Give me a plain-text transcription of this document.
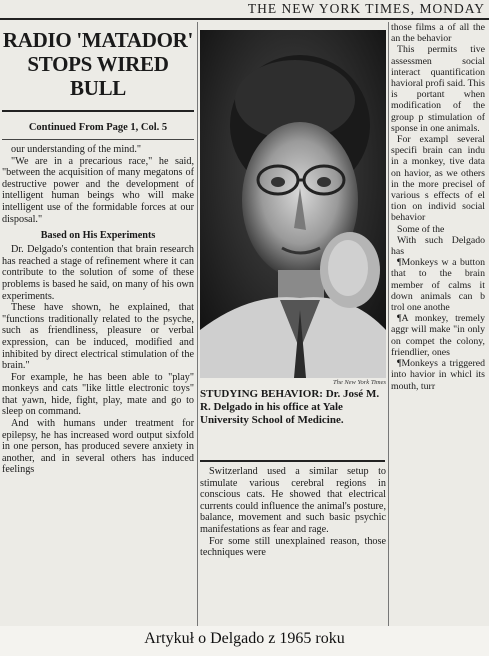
THE NEW YORK TIMES, MONDAY
RADIO 'MATADOR' STOPS WIRED BULL
Continued From Page 1, Col. 5

our understanding of the mind."

"We are in a precarious race," he said, "between the acquisition of many megatons of destructive power and the development of intelligent human beings who will make intelligent use of the formidable forces at our disposal."

Based on His Experiments

Dr. Delgado's contention that brain research has reached a stage of refinement where it can contribute to the solution of some of these problems is based he said, on many of his own experiments.

These have shown, he explained, that "functions traditionally related to the psyche, such as friendliness, pleasure or verbal expression, can be induced, modified and inhibited by direct electrical stimulation of the brain."

For example, he has been able to "play" monkeys and cats "like little electronic toys" that yawn, hide, fight, play, mate and go to sleep on command.

And with humans under treatment for epilepsy, he has increased word output sixfold in one person, has produced severe anxiety in another, and in several others has induced feelings

The New York Times
STUDYING BEHAVIOR: Dr. José M. R. Delgado in his office at Yale University School of Medicine.

Switzerland used a similar setup to stimulate various cerebral regions in conscious cats. He showed that electrical currents could influence the animal's posture, balance, movement and such basic psychic manifestations as fear and rage.

For some still unexplained reason, those techniques were

those films a of all the an the behavior

This permits tive assessmen social interact quantification havioral profi said. This is portant when modification of the group p stimulation of sponse in one animals.

For exampl several specifi brain can indu in a monkey, tive data on havior, as we others in the more precisel of various s effects of el tion on individ social behavior

Some of the

With such Delgado has

¶Monkeys w a button that to the brain member of calms it down animals can b trol one anothe

¶A monkey, tremely aggr will make "in only on compet the colony, friendlier, ones

¶Monkeys a triggered into havior in whicl its mouth, turr

Artykuł o Delgado z 1965 roku
